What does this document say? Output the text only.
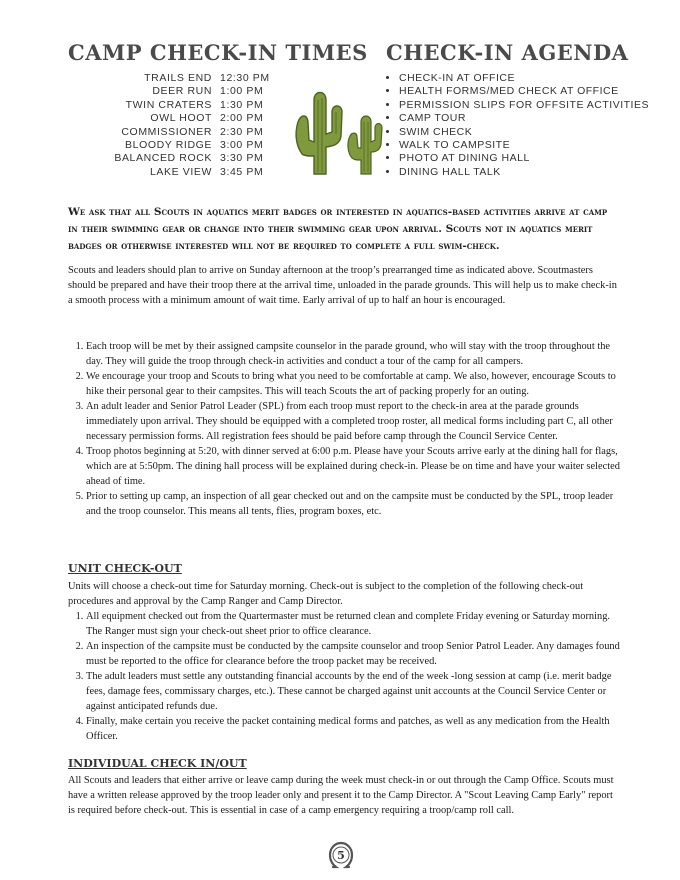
CAMP CHECK-IN TIMES CHECK-IN AGENDA
TRAILS END	12:30 PM
DEER RUN	1:00 PM
TWIN CRATERS	1:30 PM
OWL HOOT	2:00 PM
COMMISSIONER	2:30 PM
BLOODY RIDGE	3:00 PM
BALANCED ROCK	3:30 PM
LAKE VIEW	3:45 PM
• CHECK-IN AT OFFICE
• HEALTH FORMS/MED CHECK AT OFFICE
• PERMISSION SLIPS FOR OFFSITE ACTIVITIES
• CAMP TOUR
• SWIM CHECK
• WALK TO CAMPSITE
• PHOTO AT DINING HALL
• DINING HALL TALK

We ask that all Scouts in aquatics merit badges or interested in aquatics-based activities arrive at camp in their swimming gear or change into their swimming gear upon arrival. Scouts not in aquatics merit badges or otherwise interested will not be required to complete a full swim-check.

Scouts and leaders should plan to arrive on Sunday afternoon at the troop’s prearranged time as indicated above. Scoutmasters should be prepared and have their troop there at the arrival time, unloaded in the parade grounds. This will help us to make check-in a smooth process with a minimum amount of wait time. Early arrival of up to half an hour is encouraged.

1. Each troop will be met by their assigned campsite counselor in the parade ground, who will stay with the troop throughout the day. They will guide the troop through check-in activities and conduct a tour of the camp for all campers.
2. We encourage your troop and Scouts to bring what you need to be comfortable at camp. We also, however, encourage Scouts to hike their personal gear to their campsites. This will teach Scouts the art of packing properly for an outing.
3. An adult leader and Senior Patrol Leader (SPL) from each troop must report to the check-in area at the parade grounds immediately upon arrival. They should be equipped with a completed troop roster, all medical forms including part C, all other necessary permission forms. All registration fees should be paid before camp through the Council Service Center.
4. Troop photos beginning at 5:20, with dinner served at 6:00 p.m. Please have your Scouts arrive early at the dining hall for flags, which are at 5:50pm. The dining hall process will be explained during check-in. Please be on time and have your waiter selected ahead of time.
5. Prior to setting up camp, an inspection of all gear checked out and on the campsite must be conducted by the SPL, troop leader and the troop counselor. This means all tents, flies, program boxes, etc.
UNIT CHECK-OUT

Units will choose a check-out time for Saturday morning. Check-out is subject to the completion of the following check-out procedures and approval by the Camp Ranger and Camp Director.

1. All equipment checked out from the Quartermaster must be returned clean and complete Friday evening or Saturday morning. The Ranger must sign your check-out sheet prior to office clearance.
2. An inspection of the campsite must be conducted by the campsite counselor and troop Senior Patrol Leader. Any damages found must be reported to the office for clearance before the troop packet may be received.
3. The adult leaders must settle any outstanding financial accounts by the end of the week -long session at camp (i.e. merit badge fees, damage fees, commissary charges, etc.). These cannot be charged against unit accounts at the Council Service Center or against anticipated refunds due.
4. Finally, make certain you receive the packet containing medical forms and patches, as well as any medication from the Health Officer.
INDIVIDUAL CHECK IN/OUT

All Scouts and leaders that either arrive or leave camp during the week must check-in or out through the Camp Office. Scouts must have a written release approved by the troop leader only and present it to the Camp Director. A "Scout Leaving Camp Early" report is required before check-out. This is essential in case of a camp emergency requiring a troop/camp roll call.

5
